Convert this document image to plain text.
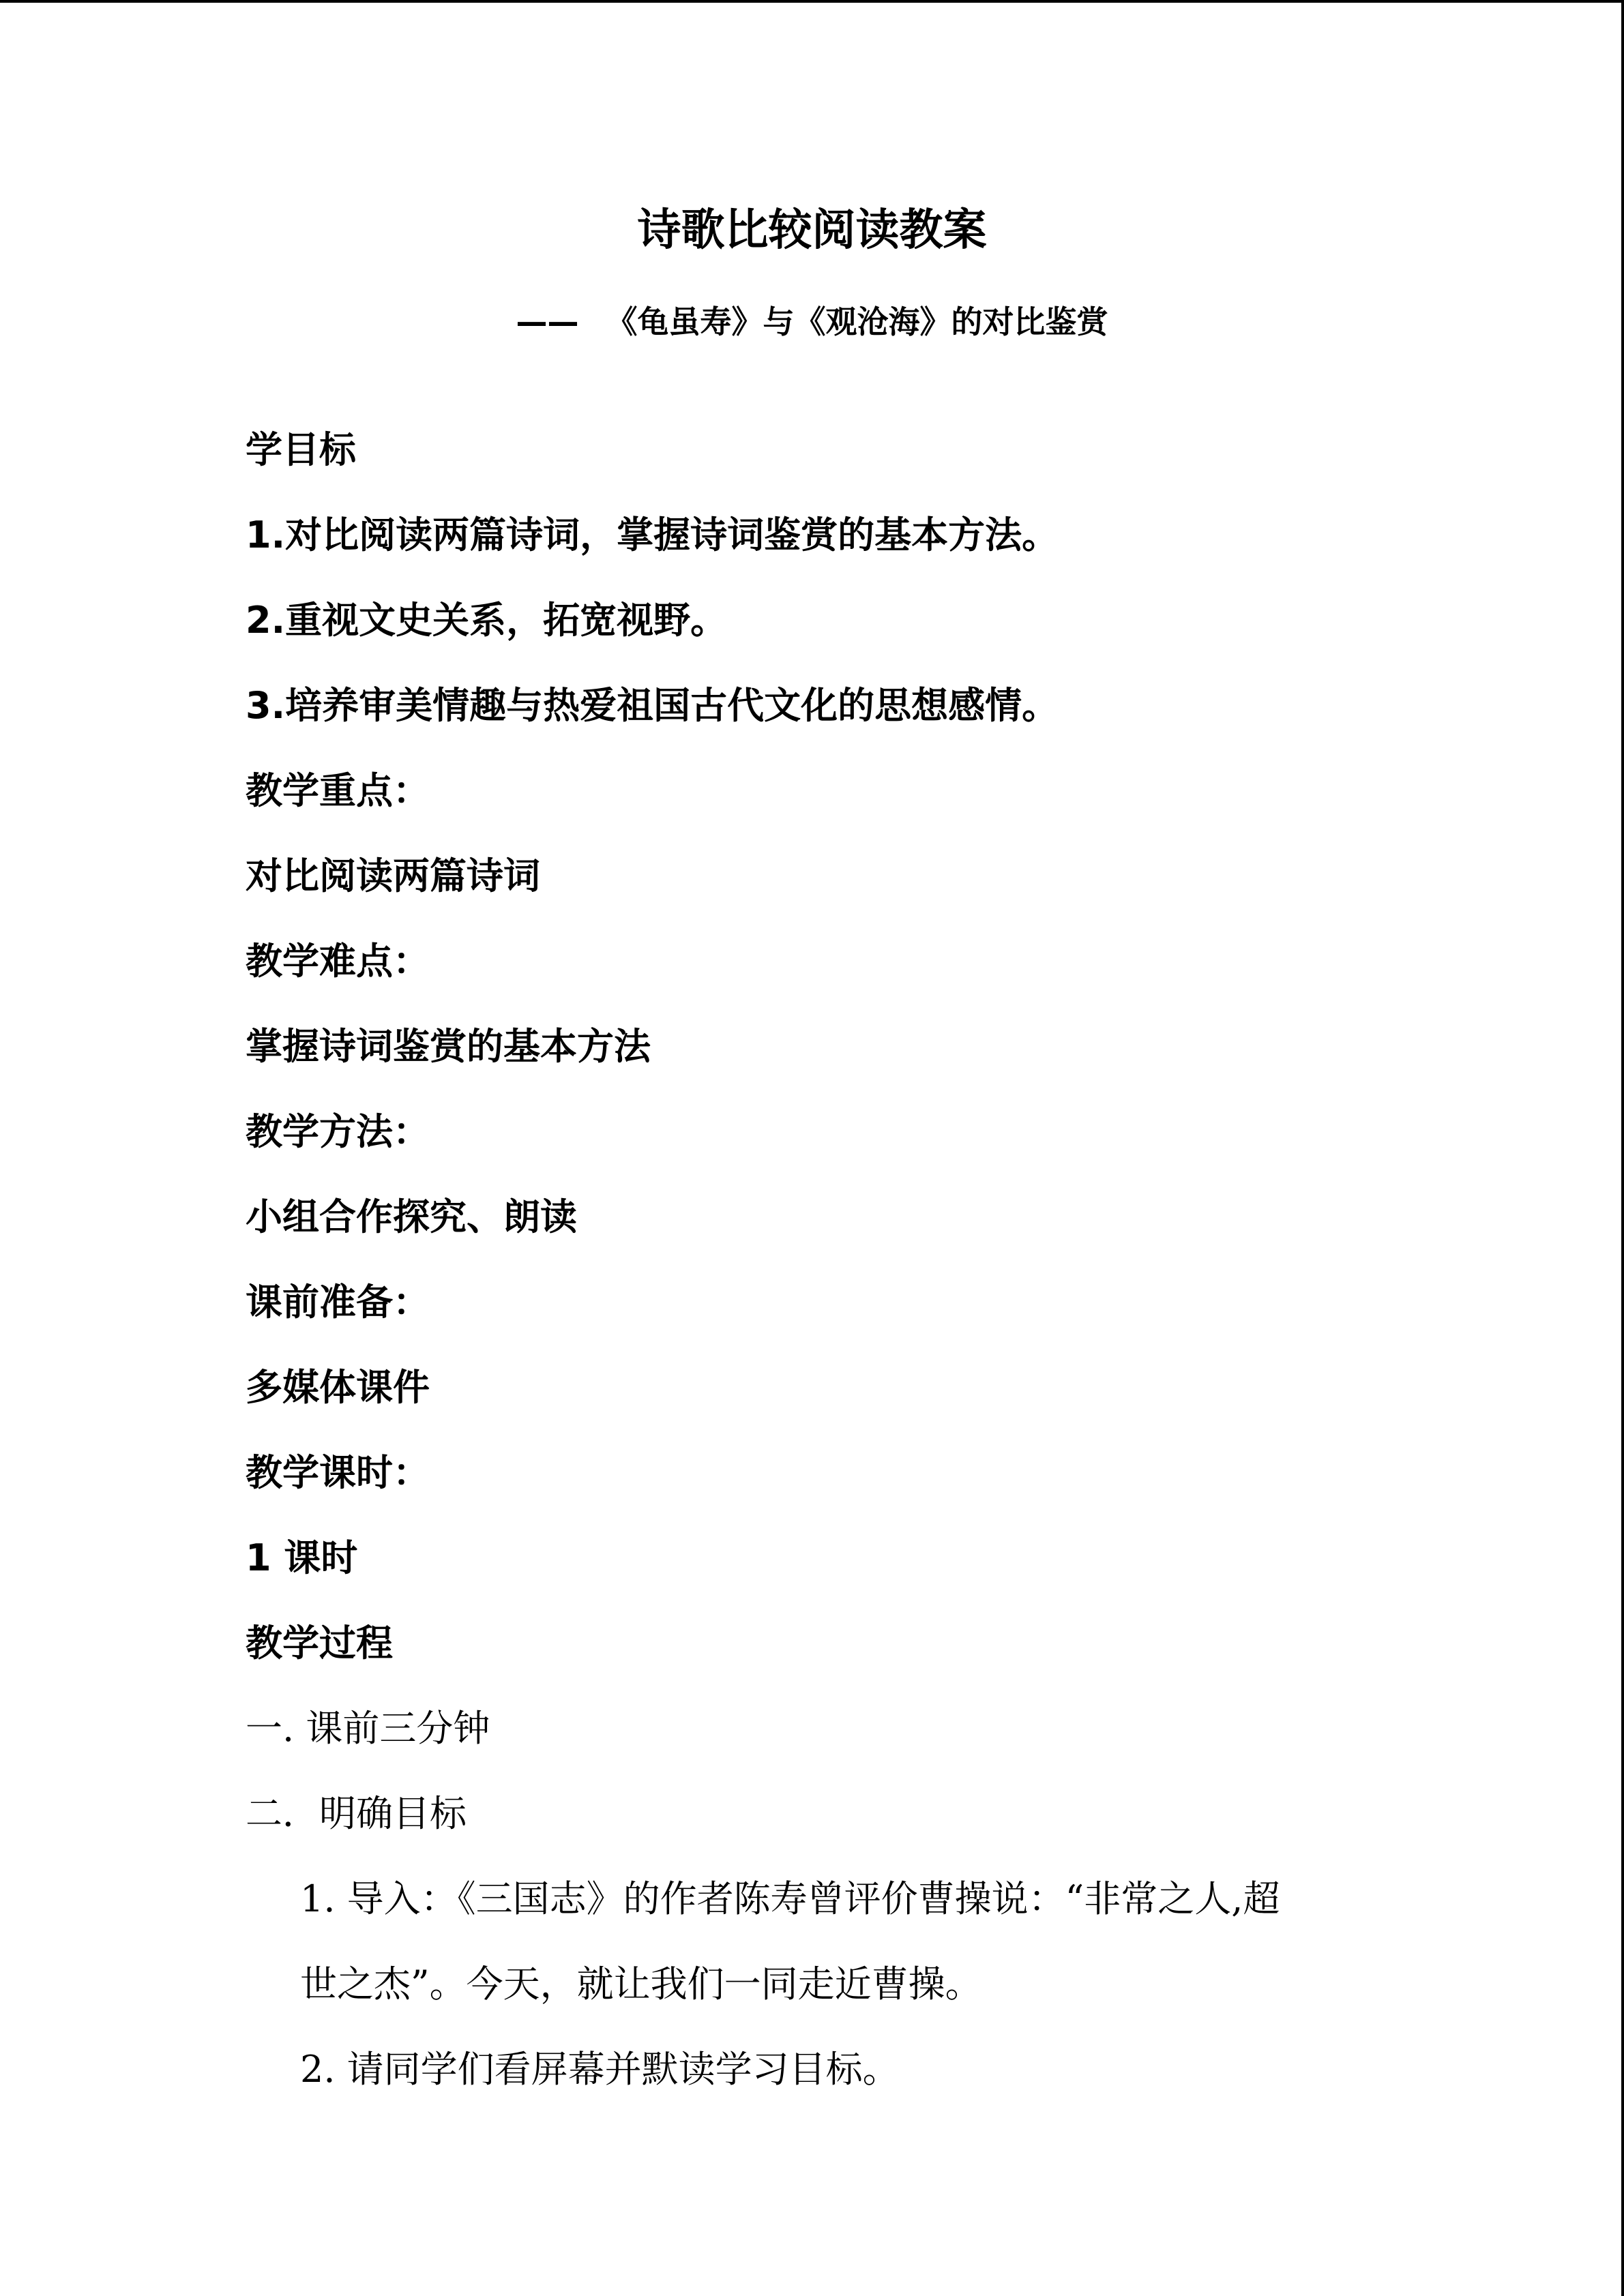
诗歌比较阅读教案
—— 《龟虽寿》与《观沧海》的对比鉴赏
学目标
1.对比阅读两篇诗词，掌握诗词鉴赏的基本方法。
2.重视文史关系，拓宽视野。
3.培养审美情趣与热爱祖国古代文化的思想感情。
教学重点：
对比阅读两篇诗词
教学难点：
掌握诗词鉴赏的基本方法
教学方法：
小组合作探究、朗读
课前准备：
多媒体课件
教学课时：
1 课时
教学过程
一. 课前三分钟
二．明确目标
1. 导入：《三国志》的作者陈寿曾评价曹操说：“非常之人,超
世之杰”。今天，就让我们一同走近曹操。
2. 请同学们看屏幕并默读学习目标。
